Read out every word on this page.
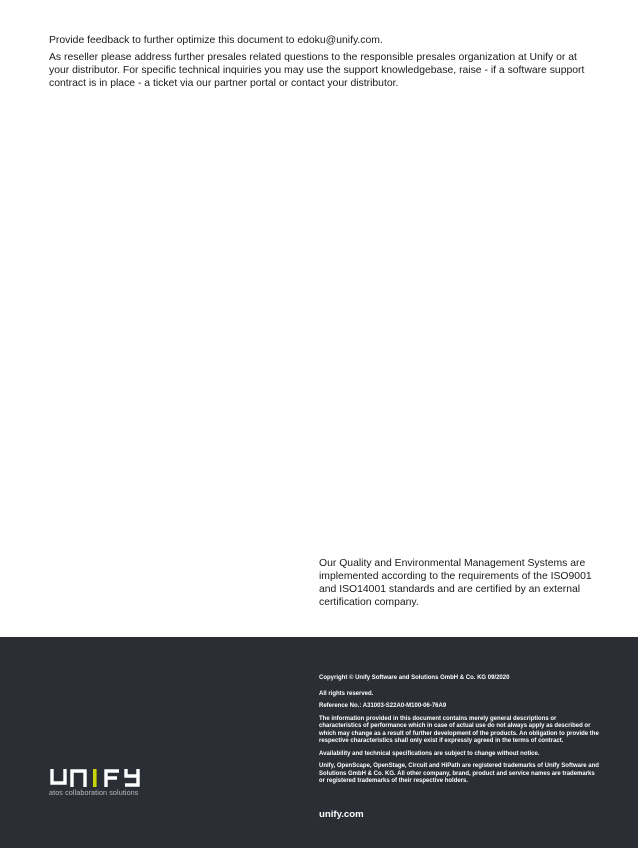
Provide feedback to further optimize this document to edoku@unify.com.

As reseller please address further presales related questions to the responsible presales organization at Unify or at your distributor. For specific technical inquiries you may use the support knowledgebase, raise - if a software support contract is in place - a ticket via our partner portal or contact your distributor.

Our Quality and Environmental Management Systems are implemented according to the requirements of the ISO9001 and ISO14001 standards and are certified by an external certification company.

atos collaboration solutions

Copyright © Unify Software and Solutions GmbH & Co. KG 09/2020

All rights reserved.

Reference No.: A31003-S22A0-M100-06-76A9

The information provided in this document contains merely general descriptions or characteristics of performance which in case of actual use do not always apply as described or which may change as a result of further development of the products. An obligation to provide the respective characteristics shall only exist if expressly agreed in the terms of contract.

Availability and technical specifications are subject to change without notice.

Unify, OpenScape, OpenStage, Circuit and HiPath are registered trademarks of Unify Software and Solutions GmbH & Co. KG. All other company, brand, product and service names are trademarks or registered trademarks of their respective holders.

unify.com
